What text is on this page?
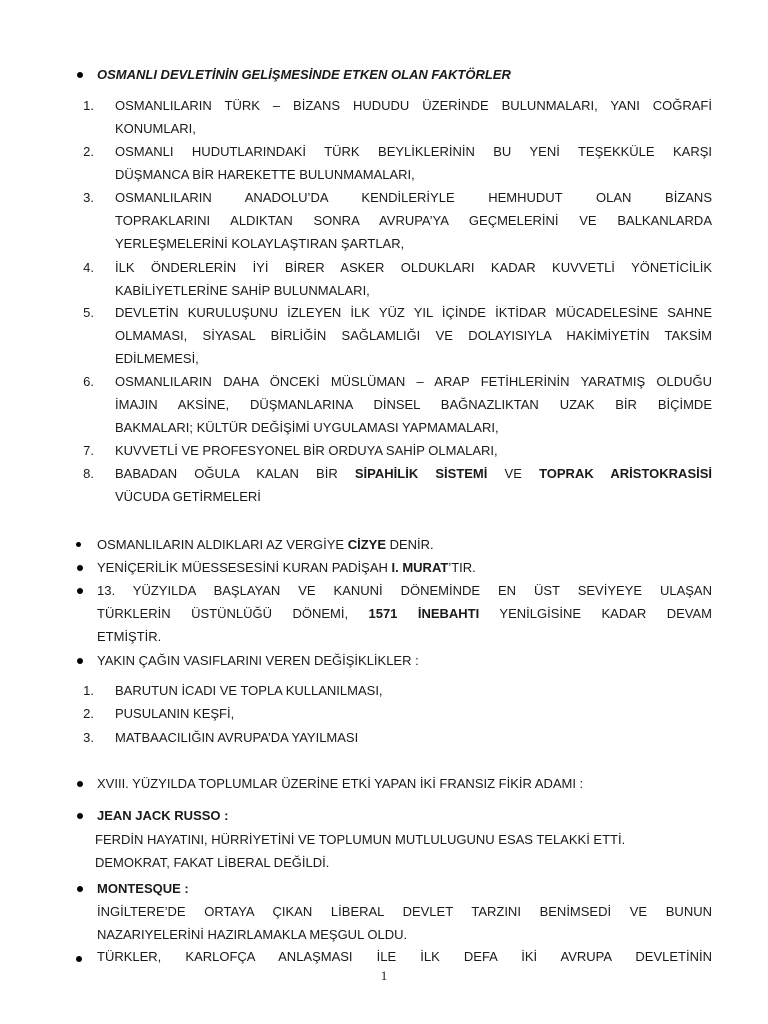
OSMANLI DEVLETİNİN GELİŞMESİNDE ETKEN OLAN FAKTÖRLER
1. OSMANLILARIN TÜRK – BİZANS HUDUDU ÜZERİNDE BULUNMALARI, YANI COĞRAFİ
KONUMLARI,
2. OSMANLI HUDUTLARINDAKİ TÜRK BEYLİKLERİNİN BU YENİ TEŞEKKÜLE KARŞI
DÜŞMANCA BİR HAREKETTE BULUNMAMALARI,
3. OSMANLILARIN ANADOLU’DA KENDİLERİYLE HEMHUDUT OLAN BİZANS
TOPRAKLARINI ALDIKTAN SONRA AVRUPA’YA GEÇMELERİNİ VE BALKANLARDA
YERLEŞMELERİNİ KOLAYLAŞTIRAN ŞARTLAR,
4. İLK ÖNDERLERİN İYİ BİRER ASKER OLDUKLARI KADAR KUVVETLİ YÖNETİCİLİK
KABİLİYETLERİNE SAHİP BULUNMALARI,
5. DEVLETİN KURULUŞUNU İZLEYEN İLK YÜZ YIL İÇİNDE İKTİDAR MÜCADELESİNE SAHNE
OLMAMASI, SİYASAL BİRLİĞİN SAĞLAMLIĞI VE DOLAYISIYLA HAKİMİYETİN TAKSİM
EDİLMEMESİ,
6. OSMANLILARIN DAHA ÖNCEKİ MÜSLÜMAN – ARAP FETİHLERİNİN YARATMIŞ OLDUĞU
İMAJIN AKSİNE, DÜŞMANLARINA DİNSEL BAĞNAZLIKTAN UZAK BİR BİÇİMDE
BAKMALARI; KÜLTÜR DEĞİŞİMİ UYGULAMASI YAPMAMALARI,
7. KUVVETLİ VE PROFESYONEL BİR ORDUYA SAHİP OLMALARI,
8. BABADAN OĞULA KALAN BİR SİPAHİLİK SİSTEMİ VE TOPRAK ARİSTOKRASİSİ
VÜCUDA GETİRMELERİ
OSMANLILARIN ALDIKLARI AZ VERGİYE CİZYE DENİR.
YENİÇERİLİK MÜESSESESİNİ KURAN PADİŞAH I. MURAT’TIR.
13. YÜZYILDA BAŞLAYAN VE KANUNİ DÖNEMİNDE EN ÜST SEVİYEYE ULAŞAN
TÜRKLERİN ÜSTÜNLÜĞÜ DÖNEMİ, 1571 İNEBAHTI YENİLGİSİNE KADAR DEVAM
ETMİŞTİR.
YAKIN ÇAĞIN VASIFLARINI VEREN DEĞİŞİKLİKLER :
1. BARUTUN İCADI VE TOPLA KULLANILMASI,
2. PUSULANIN KEŞFİ,
3. MATBAACILIĞIN AVRUPA’DA YAYILMASI
XVIII. YÜZYILDA TOPLUMLAR ÜZERİNE ETKİ YAPAN İKİ FRANSIZ FİKİR ADAMI :
JEAN JACK RUSSO :
FERDİN HAYATINI, HÜRRİYETİNİ VE TOPLUMUN MUTLULUGUNU ESAS TELAKKİ ETTİ.
DEMOKRAT, FAKAT LİBERAL DEĞİLDİ.
MONTESQUE :
İNGİLTERE’DE ORTAYA ÇIKAN LİBERAL DEVLET TARZINI BENİMSEDİ VE BUNUN
NAZARIYELERİNİ HAZIRLAMAKLA MEŞGUL OLDU.
TÜRKLER, KARLOFÇA ANLAŞMASI İLE İLK DEFA İKİ AVRUPA DEVLETİNİN
1
